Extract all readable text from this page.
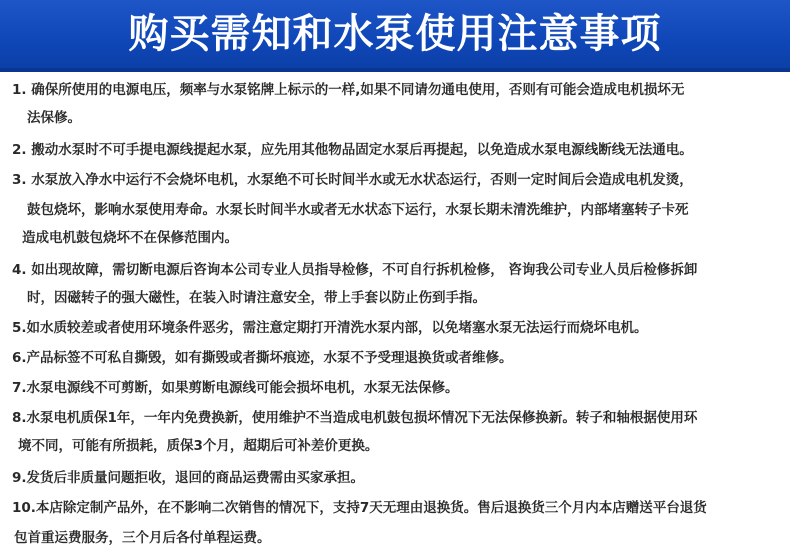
购买需知和水泵使用注意事项
1. 确保所使用的电源电压，频率与水泵铭牌上标示的一样,如果不同请勿通电使用，否则有可能会造成电机损坏无
法保修。
2. 搬动水泵时不可手提电源线提起水泵，应先用其他物品固定水泵后再提起，以免造成水泵电源线断线无法通电。
3. 水泵放入净水中运行不会烧坏电机，水泵绝不可长时间半水或无水状态运行，否则一定时间后会造成电机发烫，
鼓包烧坏，影响水泵使用寿命。水泵长时间半水或者无水状态下运行，水泵长期未清洗维护，内部堵塞转子卡死
造成电机鼓包烧坏不在保修范围内。
4. 如出现故障，需切断电源后咨询本公司专业人员指导检修，不可自行拆机检修， 咨询我公司专业人员后检修拆卸
时，因磁转子的强大磁性，在装入时请注意安全，带上手套以防止伤到手指。
5.如水质较差或者使用环境条件恶劣，需注意定期打开清洗水泵内部，以免堵塞水泵无法运行而烧坏电机。
6.产品标签不可私自撕毁，如有撕毁或者撕坏痕迹，水泵不予受理退换货或者维修。
7.水泵电源线不可剪断，如果剪断电源线可能会损坏电机，水泵无法保修。
8.水泵电机质保1年，一年内免费换新，使用维护不当造成电机鼓包损坏情况下无法保修换新。转子和轴根据使用环
境不同，可能有所损耗，质保3个月，超期后可补差价更换。
9.发货后非质量问题拒收，退回的商品运费需由买家承担。
10.本店除定制产品外，在不影响二次销售的情况下，支持7天无理由退换货。售后退换货三个月内本店赠送平台退货
包首重运费服务，三个月后各付单程运费。
